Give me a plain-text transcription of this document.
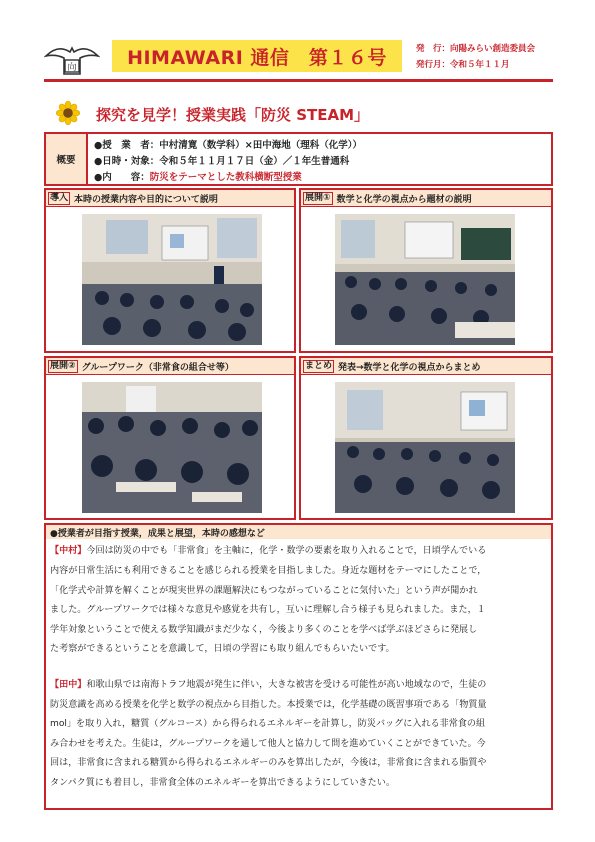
向	HIMAWARI 通信　第１６号	発　行：向陽みらい創造委員会
発行月：令和５年１１月
探究を見学！授業実践「防災 STEAM」
概要
●授　業　者：中村清寛（数学科）×田中海地（理科（化学））
●日時・対象：令和５年１１月１７日（金）／１年生普通科
●内　　容：防災をテーマとした教科横断型授業
導入 本時の授業内容や目的について説明	展開① 数学と化学の視点から題材の説明
展開② グループワーク（非常食の組合せ等）	まとめ 発表→数学と化学の視点からまとめ
●授業者が目指す授業，成果と展望，本時の感想など
【中村】今回は防災の中でも「非常食」を主軸に，化学・数学の要素を取り入れることで，日頃学んでいる
内容が日常生活にも利用できることを感じられる授業を目指しました。身近な題材をテーマにしたことで，
「化学式や計算を解くことが現実世界の課題解決にもつながっていることに気付いた」という声が聞かれ
ました。グループワークでは様々な意見や感覚を共有し，互いに理解し合う様子も見られました。また，１
学年対象ということで使える数学知識がまだ少なく，今後より多くのことを学べば学ぶほどさらに発展し
た考察ができるということを意識して，日頃の学習にも取り組んでもらいたいです。
【田中】和歌山県では南海トラフ地震が発生に伴い，大きな被害を受ける可能性が高い地域なので，生徒の
防災意識を高める授業を化学と数学の視点から目指した。本授業では，化学基礎の既習事項である「物質量
mol」を取り入れ，糖質（グルコース）から得られるエネルギーを計算し，防災バッグに入れる非常食の組
み合わせを考えた。生徒は，グループワークを通して他人と協力して問を進めていくことができていた。今
回は，非常食に含まれる糖質から得られるエネルギーのみを算出したが，今後は，非常食に含まれる脂質や
タンパク質にも着目し，非常食全体のエネルギーを算出できるようにしていきたい。
